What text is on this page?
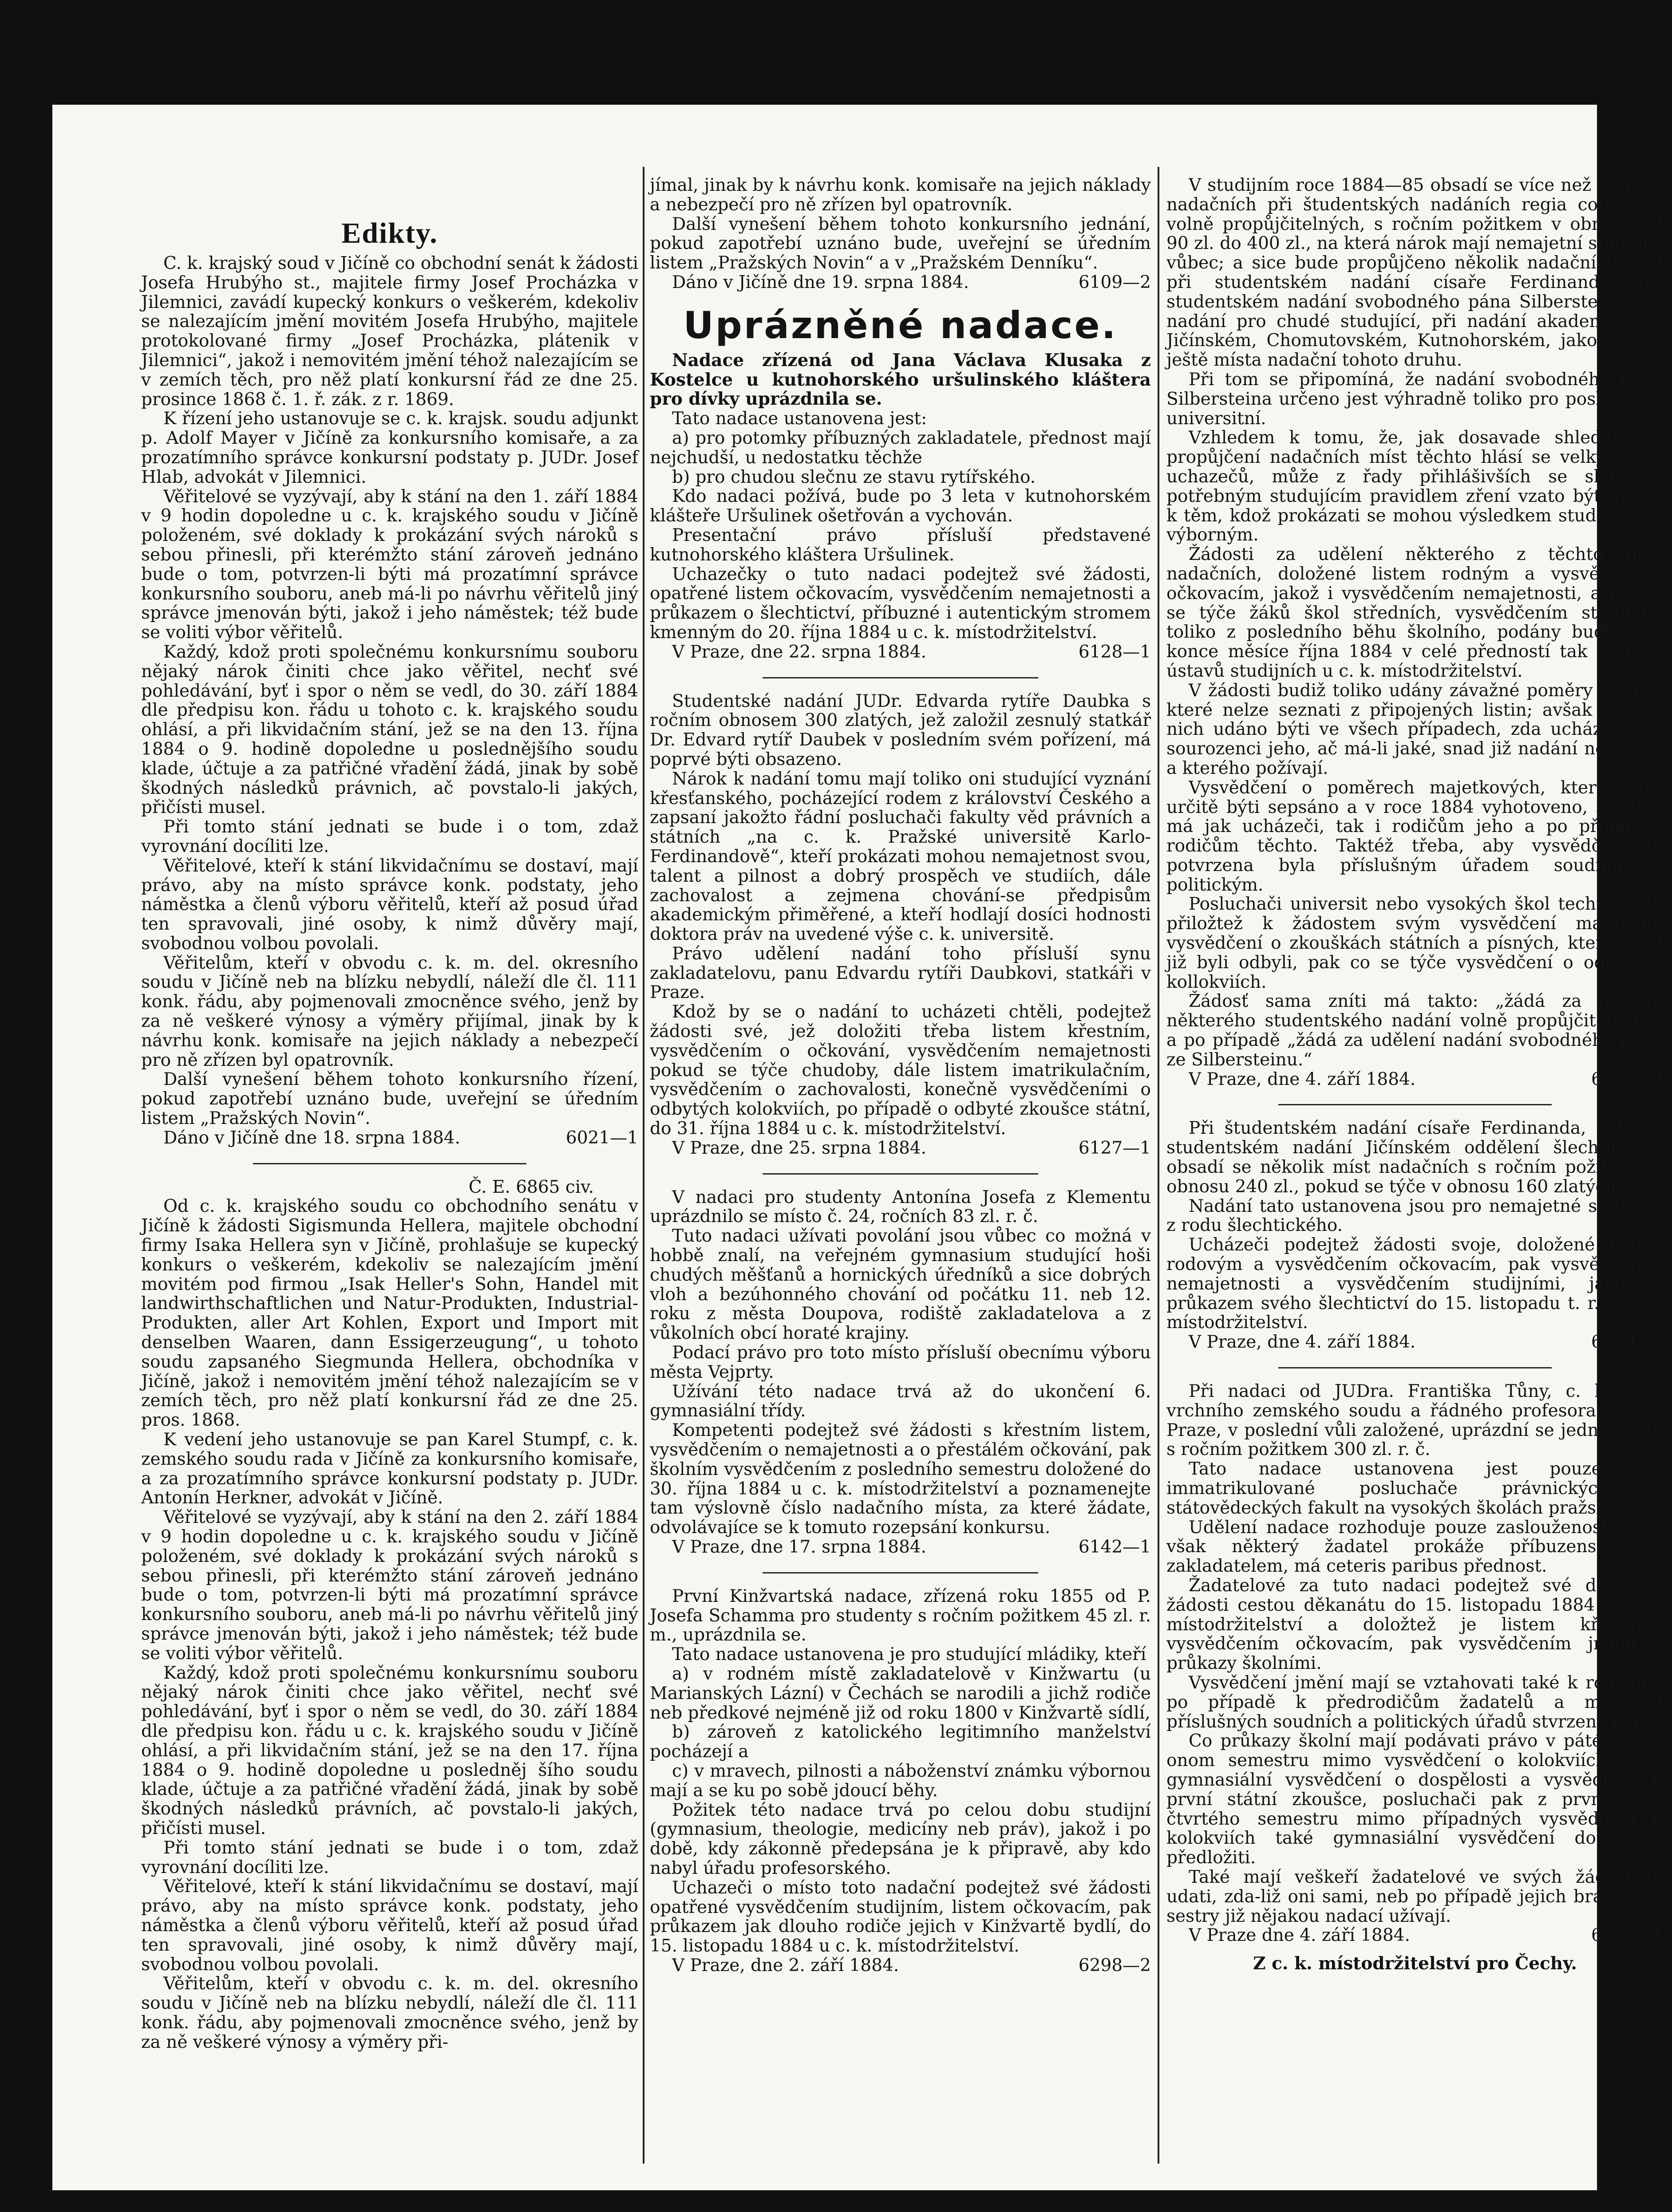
Edikty.

C. k. krajský soud v Jičíně co obchodní senát k žádosti Josefa Hrubýho st., majitele firmy Josef Procházka v Jilemnici, zavádí kupecký konkurs o veškerém, kdekoliv se nalezajícím jmění movitém Josefa Hrubýho, majitele protokolované firmy „Josef Procházka, plátenik v Jilemnici“, jakož i nemovitém jmění téhož nalezajícím se v zemích těch, pro něž platí konkursní řád ze dne 25. prosince 1868 č. 1. ř. zák. z r. 1869.

K řízení jeho ustanovuje se c. k. krajsk. soudu adjunkt p. Adolf Mayer v Jičíně za konkursního komisaře, a za prozatímního správce konkursní podstaty p. JUDr. Josef Hlab, advokát v Jilemnici.

Věřitelové se vyzývají, aby k stání na den 1. září 1884 v 9 hodin dopoledne u c. k. krajského soudu v Jičíně položeném, své doklady k prokázání svých nároků s sebou přinesli, při kterémžto stání zároveň jednáno bude o tom, potvrzen-li býti má prozatímní správce konkursního souboru, aneb má-li po návrhu věřitelů jiný správce jmenován býti, jakož i jeho náměstek; též bude se voliti výbor věřitelů.

Každý, kdož proti společnému konkursnímu souboru nějaký nárok činiti chce jako věřitel, nechť své pohledávání, byť i spor o něm se vedl, do 30. září 1884 dle předpisu kon. řádu u tohoto c. k. krajského soudu ohlásí, a při likvidačním stání, jež se na den 13. října 1884 o 9. hodině dopoledne u poslednějšího soudu klade, účtuje a za patřičné vřadění žádá, jinak by sobě škodných následků právnich, ač povstalo-li jakých, přičísti musel.

Při tomto stání jednati se bude i o tom, zdaž vyrovnání docíliti lze.

Věřitelové, kteří k stání likvidačnímu se dostaví, mají právo, aby na místo správce konk. podstaty, jeho náměstka a členů výboru věřitelů, kteří až posud úřad ten spravovali, jiné osoby, k nimž důvěry mají, svobodnou volbou povolali.

Věřitelům, kteří v obvodu c. k. m. del. okresního soudu v Jičíně neb na blízku nebydlí, náleží dle čl. 111 konk. řádu, aby pojmenovali zmocněnce svého, jenž by za ně veškeré výnosy a výměry přijímal, jinak by k návrhu konk. komisaře na jejich náklady a nebezpečí pro ně zřízen byl opatrovník.

Další vynešení během tohoto konkursního řízení, pokud zapotřebí uznáno bude, uveřejní se úředním listem „Pražských Novin“.

Dáno v Jičíně dne 18. srpna 1884.	6021—1

Č. E. 6865 civ.

Od c. k. krajského soudu co obchodního senátu v Jičíně k žádosti Sigismunda Hellera, majitele obchodní firmy Isaka Hellera syn v Jičíně, prohlašuje se kupecký konkurs o veškerém, kdekoliv se nalezajícím jmění movitém pod firmou „Isak Heller's Sohn, Handel mit landwirthschaftlichen und Natur-Produkten, Industrial-Produkten, aller Art Kohlen, Export und Import mit denselben Waaren, dann Essigerzeugung“, u tohoto soudu zapsaného Siegmunda Hellera, obchodníka v Jičíně, jakož i nemovitém jmění téhož nalezajícím se v zemích těch, pro něž platí konkursní řád ze dne 25. pros. 1868.

K vedení jeho ustanovuje se pan Karel Stumpf, c. k. zemského soudu rada v Jičíně za konkursního komisaře, a za prozatímního správce konkursní podstaty p. JUDr. Antonín Herkner, advokát v Jičíně.

Věřitelové se vyzývají, aby k stání na den 2. září 1884 v 9 hodin dopoledne u c. k. krajského soudu v Jičíně položeném, své doklady k prokázání svých nároků s sebou přinesli, při kterémžto stání zároveň jednáno bude o tom, potvrzen-li býti má prozatímní správce konkursního souboru, aneb má-li po návrhu věřitelů jiný správce jmenován býti, jakož i jeho náměstek; též bude se voliti výbor věřitelů.

Každý, kdož proti společnému konkursnímu souboru nějaký nárok činiti chce jako věřitel, nechť své pohledávání, byť i spor o něm se vedl, do 30. září 1884 dle předpisu kon. řádu u c. k. krajského soudu v Jičíně ohlásí, a při likvidačním stání, jež se na den 17. října 1884 o 9. hodině dopoledne u posledněj šího soudu klade, účtuje a za patřičné vřadění žádá, jinak by sobě škodných následků právních, ač povstalo-li jakých, přičísti musel.

Při tomto stání jednati se bude i o tom, zdaž vyrovnání docíliti lze.

Věřitelové, kteří k stání likvidačnímu se dostaví, mají právo, aby na místo správce konk. podstaty, jeho náměstka a členů výboru věřitelů, kteří až posud úřad ten spravovali, jiné osoby, k nimž důvěry mají, svobodnou volbou povolali.

Věřitelům, kteří v obvodu c. k. m. del. okresního soudu v Jičíně neb na blízku nebydlí, náleží dle čl. 111 konk. řádu, aby pojmenovali zmocněnce svého, jenž by za ně veškeré výnosy a výměry při-

jímal, jinak by k návrhu konk. komisaře na jejich náklady a nebezpečí pro ně zřízen byl opatrovník.

Další vynešení během tohoto konkursního jednání, pokud zapotřebí uznáno bude, uveřejní se úředním listem „Pražských Novin“ a v „Pražském Denníku“.

Dáno v Jičíně dne 19. srpna 1884.	6109—2

Uprázněné nadace.

Nadace zřízená od Jana Václava Klusaka z Kostelce u kutnohorského uršulinského kláštera pro dívky uprázdnila se.

Tato nadace ustanovena jest:

a) pro potomky příbuzných zakladatele, přednost mají nejchudší, u nedostatku těchže

b) pro chudou slečnu ze stavu rytířského.

Kdo nadaci požívá, bude po 3 leta v kutnohorském klášteře Uršulinek ošetřován a vychován.

Presentační právo přísluší představené kutnohorského kláštera Uršulinek.

Uchazečky o tuto nadaci podejtež své žádosti, opatřené listem očkovacím, vysvědčením nemajetnosti a průkazem o šlechtictví, příbuzné i autentickým stromem kmenným do 20. října 1884 u c. k. místodržitelství.

V Praze, dne 22. srpna 1884.	6128—1

Studentské nadání JUDr. Edvarda rytíře Daubka s ročním obnosem 300 zlatých, jež založil zesnulý statkář Dr. Edvard rytíř Daubek v posledním svém pořízení, má poprvé býti obsazeno.

Nárok k nadání tomu mají toliko oni studující vyznání křesťanského, pocházející rodem z království Českého a zapsaní jakožto řádní posluchači fakulty věd právních a státních „na c. k. Pražské universitě Karlo-Ferdinandově“, kteří prokázati mohou nemajetnost svou, talent a pilnost a dobrý prospěch ve studiích, dále zachovalost a zejmena chování-se předpisům akademickým přiměřené, a kteří hodlají dosíci hodnosti doktora práv na uvedené výše c. k. universitě.

Právo udělení nadání toho přísluší synu zakladatelovu, panu Edvardu rytíři Daubkovi, statkáři v Praze.

Kdož by se o nadání to ucházeti chtěli, podejtež žádosti své, jež doložiti třeba listem křestním, vysvědčením o očkování, vysvědčením nemajetnosti pokud se týče chudoby, dále listem imatrikulačním, vysvědčením o zachovalosti, konečně vysvědčeními o odbytých kolokviích, po případě o odbyté zkoušce státní, do 31. října 1884 u c. k. místodržitelství.

V Praze, dne 25. srpna 1884.	6127—1

V nadaci pro studenty Antonína Josefa z Klementu uprázdnilo se místo č. 24, ročních 83 zl. r. č.

Tuto nadaci užívati povolání jsou vůbec co možná v hobbě znalí, na veřejném gymnasium studující hoši chudých měšťanů a hornických úředníků a sice dobrých vloh a bezúhonného chování od počátku 11. neb 12. roku z města Doupova, rodiště zakladatelova a z vůkolních obcí horaté krajiny.

Podací právo pro toto místo přísluší obecnímu výboru města Vejprty.

Užívání této nadace trvá až do ukončení 6. gymnasiální třídy.

Kompetenti podejtež své žádosti s křestním listem, vysvědčením o nemajetnosti a o přestálém očkování, pak školním vysvědčením z posledního semestru doložené do 30. října 1884 u c. k. místodržitelství a poznamenejte tam výslovně číslo nadačního místa, za které žádate, odvolávajíce se k tomuto rozepsání konkursu.

V Praze, dne 17. srpna 1884.	6142—1

První Kinžvartská nadace, zřízená roku 1855 od P. Josefa Schamma pro studenty s ročním požitkem 45 zl. r. m., uprázdnila se.

Tato nadace ustanovena je pro studující mládiky, kteří

a) v rodném místě zakladatelově v Kinžwartu (u Marianských Lázní) v Čechách se narodili a jichž rodiče neb předkové nejméně již od roku 1800 v Kinžvartě sídlí,

b) zároveň z katolického legitimního manželství pocházejí a

c) v mravech, pilnosti a náboženství známku výbornou mají a se ku po sobě jdoucí běhy.

Požitek této nadace trvá po celou dobu studijní (gymnasium, theologie, medicíny neb práv), jakož i po době, kdy zákonně předepsána je k připravě, aby kdo nabyl úřadu profesorského.

Uchazeči o místo toto nadační podejtež své žádosti opatřené vysvědčením studijním, listem očkovacím, pak průkazem jak dlouho rodiče jejich v Kinžvartě bydlí, do 15. listopadu 1884 u c. k. místodržitelství.

V Praze, dne 2. září 1884.	6298—2

V studijním roce 1884—85 obsadí se více než 50 míst nadačních při študentských nadáních regia collatione volně propůjčitelných, s ročním požitkem v obnosu od 90 zl. do 400 zl., na která nárok mají nemajetní studující vůbec; a sice bude propůjčeno několik nadačních míst při studentském nadání císaře Ferdinanda, při studentském nadání svobodného pána Silbersteina, při nadání pro chudé studující, při nadání akademickém, Jičínském, Chomutovském, Kutnohorském, jakož i jiná ještě místa nadační tohoto druhu.

Při tom se připomíná, že nadání svobodného pána Silbersteina určeno jest výhradně toliko pro posluchače universitní.

Vzhledem k tomu, že, jak dosavade shledáno, o propůjčení nadačních míst těchto hlásí se velký počet uchazečů, může z řady přihlášivších se skutečně potřebným studujícím pravidlem zření vzato býti toliko k těm, kdož prokázati se mohou výsledkem studií svých výborným.

Žádosti za udělení některého z těchto míst nadačních, doložené listem rodným a vysvědčením očkovacím, jakož i vysvědčením nemajetnosti, a pokud se týče žáků škol středních, vysvědčením studijním toliko z posledního běhu školního, podány buďtež do konce měsíce října 1884 v celé předností tak kterých ústavů studijních u c. k. místodržitelství.

V žádosti budiž toliko udány závažné poměry takové, které nelze seznati z připojených listin; avšak musí v nich udáno býti ve všech případech, zda ucházeč neb sourozenci jeho, ač má-li jaké, snad již nadání nějakého a kterého požívají.

Vysvědčení o poměrech majetkových, které musí určitě býti sepsáno a v roce 1884 vyhotoveno, svědčiti má jak ucházeči, tak i rodičům jeho a po případě i rodičům těchto. Taktéž třeba, aby vysvědčení ta potvrzena byla příslušným úřadem soudním a politickým.

Posluchači universit nebo vysokých škol technických přiložtež k žádostem svým vysvědčení maturitní, vysvědčení o zkouškách státních a písných, které snad již byli odbyli, pak co se týče vysvědčení o odbytých kollokviích.

Žádosť sama zníti má takto: „žádá za udělení některého studentského nadání volně propůjčitelného“ a po případě „žádá za udělení nadání svobodného pána ze Silbersteinu.“

V Praze, dne 4. září 1884.	6301—2

Při študentském nadání císaře Ferdinanda, pak při studentském nadání Jičínském oddělení šlechtickém, obsadí se několik míst nadačních s ročním požitkem v obnosu 240 zl., pokud se týče v obnosu 160 zlatých.

Nadání tato ustanovena jsou pro nemajetné studující z rodu šlechtického.

Ucházeči podejtež žádosti svoje, doložené listem rodovým a vysvědčením očkovacím, pak vysvědčením nemajetnosti a vysvědčením studijními, jakož i průkazem svého šlechtictví do 15. listopadu t. r. u c. k. místodržitelství.

V Praze, dne 4. září 1884.	6299—1

Při nadaci od JUDra. Františka Tůny, c. k. rady vrchního zemského soudu a řádného profesora práv v Praze, v poslední vůli založené, uprázdní se jedno místo s ročním požitkem 300 zl. r. č.

Tato nadace ustanovena jest pouze pro immatrikulované posluchače právnických a státovědeckých fakult na vysokých školách pražských.

Udělení nadace rozhoduje pouze zaslouženost, když však některý žadatel prokáže příbuzenství se zakladatelem, má ceteris paribus přednost.

Žadatelové za tuto nadaci podejtež své doložené žádosti cestou děkanátu do 15. listopadu 1884 u c. k. místodržitelství a doložtež je listem křestním, vysvědčením očkovacím, pak vysvědčením jmění a průkazy školními.

Vysvědčení jmění mají se vztahovati také k rodičům, po případě k předrodičům žadatelů a mají od příslušných soudních a politických úřadů stvrzeny býti.

Co průkazy školní mají podávati právo v páté'm si v onom semestru mimo vysvědčení o kolokviích, také gymnasiální vysvědčení o dospělosti a vysvědčení o první státní zkoušce, posluchači pak z prvního až čtvrtého semestru mimo případných vysvědčení o kolokviích také gymnasiální vysvědčení dospělosti předložiti.

Také mají veškeří žadatelové ve svých žádostech udati, zda-liž oni sami, neb po případě jejich bratři neb sestry již nějakou nadací užívají.

V Praze dne 4. září 1884.	6835—1

Z c. k. místodržitelství pro Čechy.
